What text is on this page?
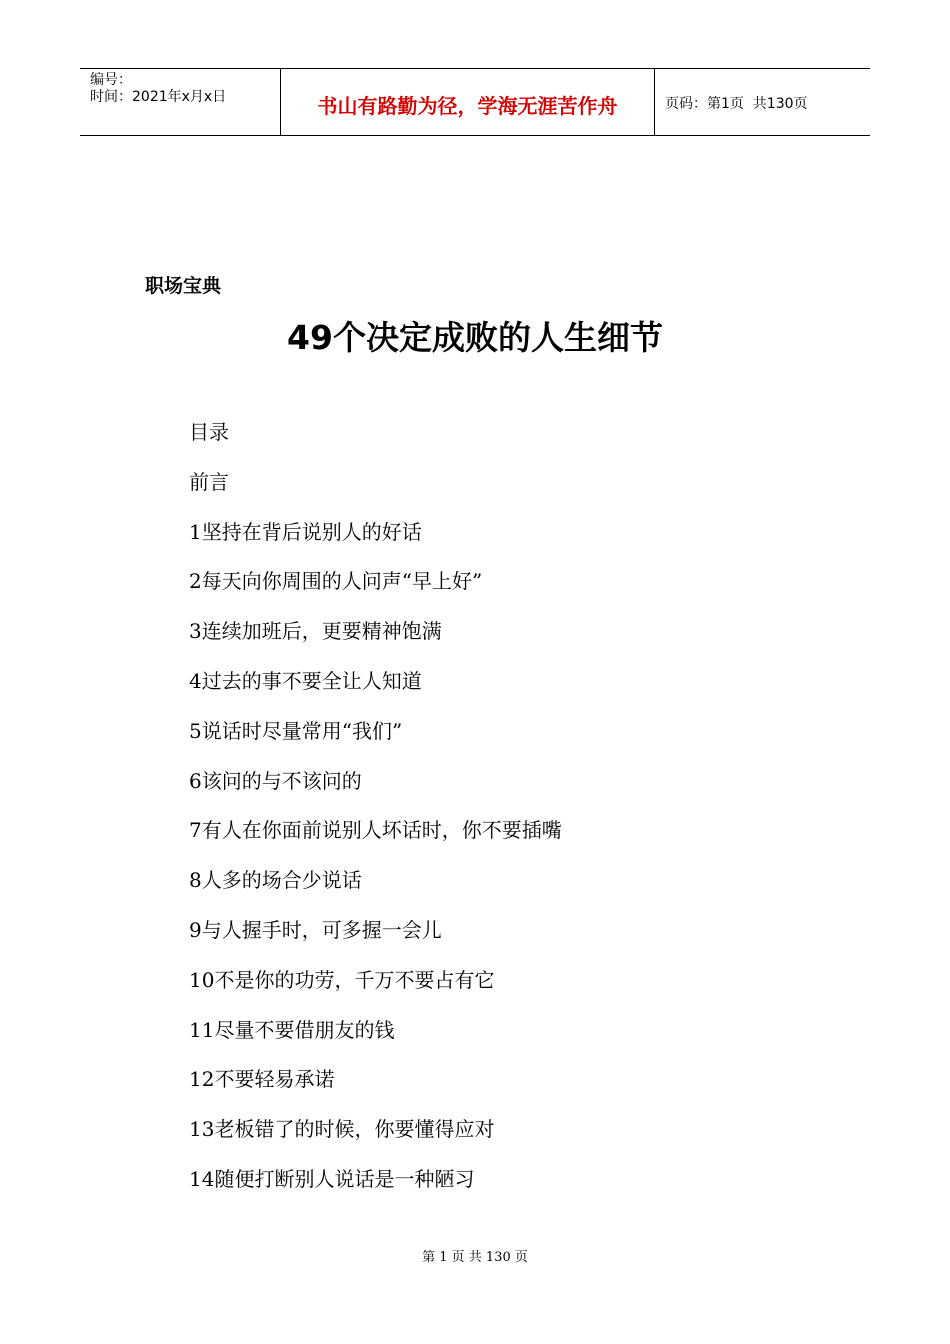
编号：
时间：2021年x月x日	书山有路勤为径，学海无涯苦作舟	页码：第1页  共130页
职场宝典
49个决定成败的人生细节
目录
前言
1坚持在背后说别人的好话
2每天向你周围的人问声“早上好”
3连续加班后，更要精神饱满
4过去的事不要全让人知道
5说话时尽量常用“我们”
6该问的与不该问的
7有人在你面前说别人坏话时，你不要插嘴
8人多的场合少说话
9与人握手时，可多握一会儿
10不是你的功劳，千万不要占有它
11尽量不要借朋友的钱
12不要轻易承诺
13老板错了的时候，你要懂得应对
14随便打断别人说话是一种陋习
第 1 页 共 130 页
